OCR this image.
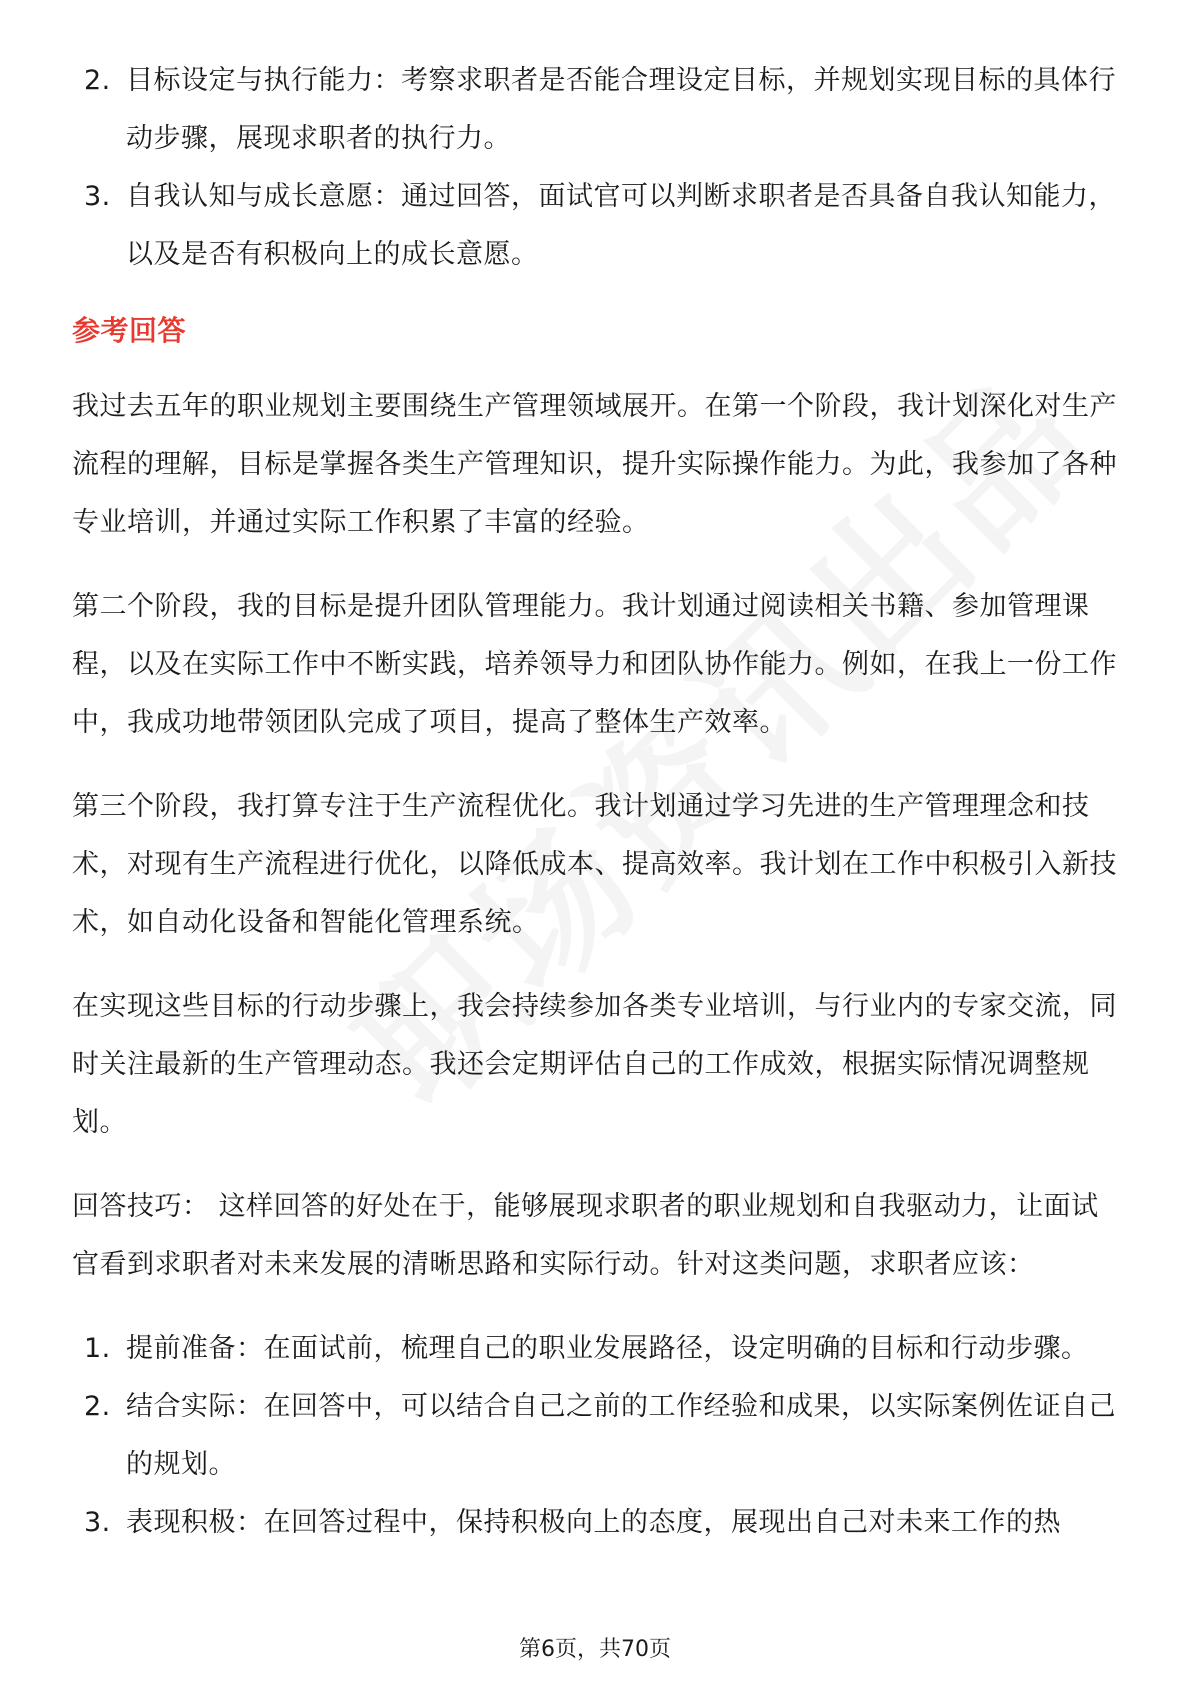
2. 目标设定与执行能力：考察求职者是否能合理设定目标，并规划实现目标的具体行动步骤，展现求职者的执行力。
3. 自我认知与成长意愿：通过回答，面试官可以判断求职者是否具备自我认知能力，以及是否有积极向上的成长意愿。
参考回答

我过去五年的职业规划主要围绕生产管理领域展开。在第一个阶段，我计划深化对生产流程的理解，目标是掌握各类生产管理知识，提升实际操作能力。为此，我参加了各种专业培训，并通过实际工作积累了丰富的经验。

第二个阶段，我的目标是提升团队管理能力。我计划通过阅读相关书籍、参加管理课程，以及在实际工作中不断实践，培养领导力和团队协作能力。例如，在我上一份工作中，我成功地带领团队完成了项目，提高了整体生产效率。

第三个阶段，我打算专注于生产流程优化。我计划通过学习先进的生产管理理念和技术，对现有生产流程进行优化，以降低成本、提高效率。我计划在工作中积极引入新技术，如自动化设备和智能化管理系统。

在实现这些目标的行动步骤上，我会持续参加各类专业培训，与行业内的专家交流，同时关注最新的生产管理动态。我还会定期评估自己的工作成效，根据实际情况调整规划。

回答技巧： 这样回答的好处在于，能够展现求职者的职业规划和自我驱动力，让面试官看到求职者对未来发展的清晰思路和实际行动。针对这类问题，求职者应该：

1. 提前准备：在面试前，梳理自己的职业发展路径，设定明确的目标和行动步骤。
2. 结合实际：在回答中，可以结合自己之前的工作经验和成果，以实际案例佐证自己的规划。
3. 表现积极：在回答过程中，保持积极向上的态度，展现出自己对未来工作的热
第6页，共70页
